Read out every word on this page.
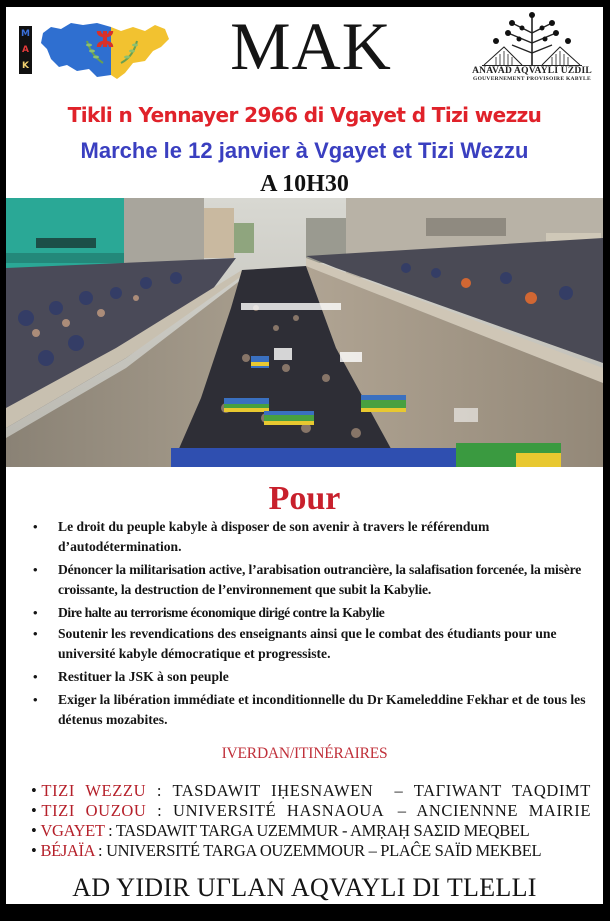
M
A
K
ⵣ MAK	ANAVAD AQVAYLI UZDIL
GOUVERNEMENT PROVISOIRE KABYLE
Tikli n Yennayer 2966 di Vgayet d Tizi wezzu
Marche le 12 janvier à Vgayet et Tizi Wezzu
A 10H30
Pour
• Le droit du peuple kabyle à disposer de son avenir à travers le référendum d’autodétermination.
• Dénoncer la militarisation active, l’arabisation outrancière, la salafisation forcenée, la misère croissante, la destruction de l’environnement que subit la Kabylie.
• Dire halte au terrorisme économique dirigé contre la Kabylie
• Soutenir les revendications des enseignants ainsi que le combat des étudiants pour une université kabyle démocratique et progressiste.
• Restituer la JSK à son peuple
• Exiger la libération immédiate et inconditionnelle du Dr Kameleddine Fekhar et de tous les détenus mozabites.
IVERDAN/ITINÉRAIRES
• TIZI WEZZU : TASDAWIT IḤESNAWEN – TAΓIWANT TAQDIMT
• TIZI OUZOU : UNIVERSITÉ HASNAOUA – ANCIENNNE MAIRIE
• VGAYET : TASDAWIT TARGA UZEMMUR - AMṚAḤ SAΣID MEQBEL
• BÉJAÏA : UNIVERSITÉ TARGA OUZEMMOUR – PLAĈE SAÏD MEKBEL
AD YIDIR UΓLAN AQVAYLI DI TLELLI
